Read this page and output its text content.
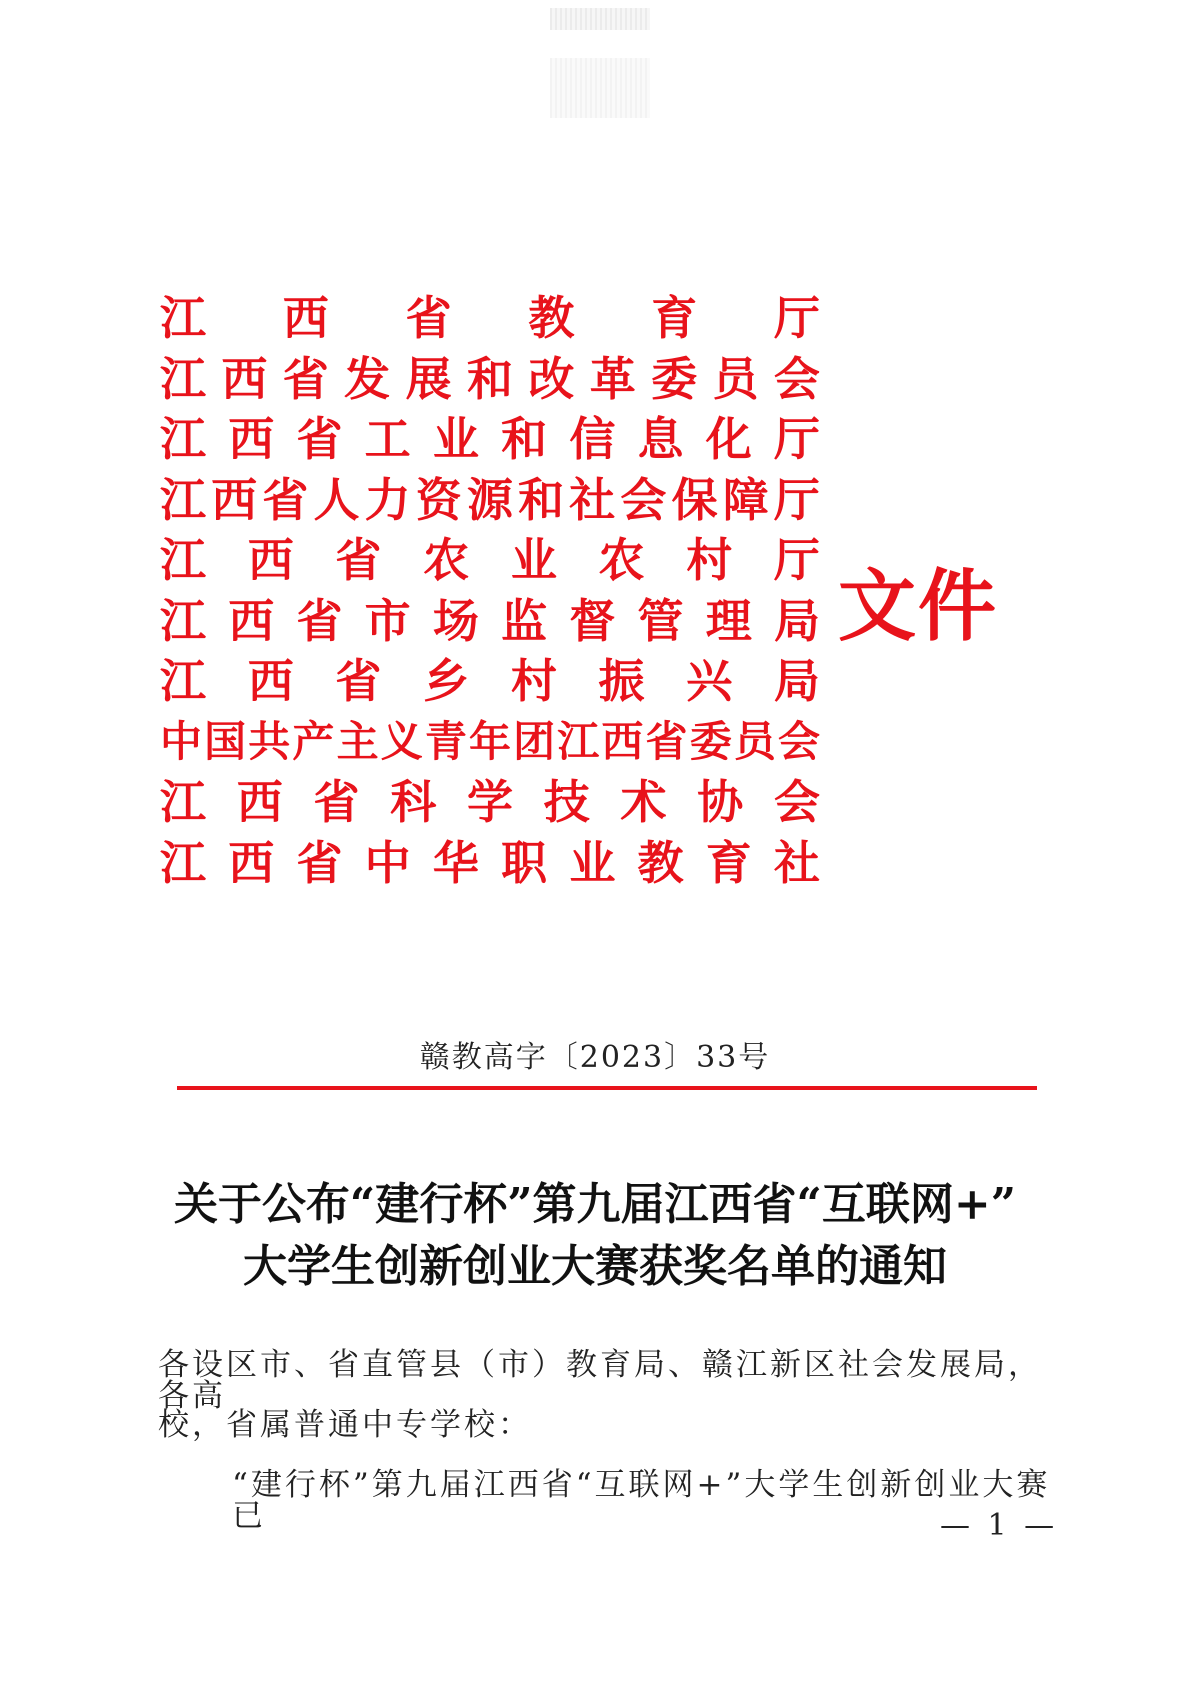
江 西 省 教 育 厅
江 西 省 发 展 和 改 革 委 员 会
江 西 省 工 业 和 信 息 化 厅
江 西 省 人 力 资 源 和 社 会 保 障 厅
江 西 省 农 业 农 村 厅
江 西 省 市 场 监 督 管 理 局
江 西 省 乡 村 振 兴 局
中 国 共 产 主 义 青 年 团 江 西 省 委 员 会
江 西 省 科 学 技 术 协 会
江 西 省 中 华 职 业 教 育 社
文件
赣教高字〔2023〕33号
关于公布“建行杯”第九届江西省“互联网+”
大学生创新创业大赛获奖名单的通知
各设区市、省直管县（市）教育局、赣江新区社会发展局，各高
校，省属普通中专学校：
“建行杯”第九届江西省“互联网+”大学生创新创业大赛已	— 1 —
